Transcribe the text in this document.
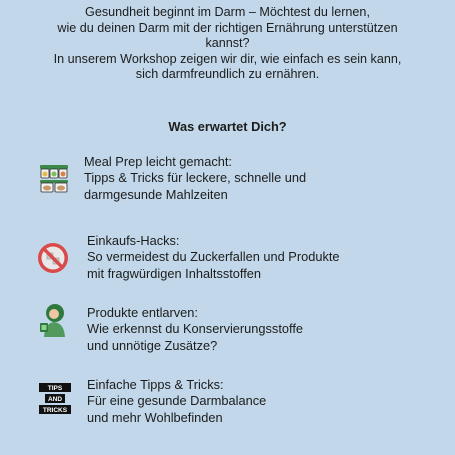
Gesundheit beginnt im Darm – Möchtest du lernen,
wie du deinen Darm mit der richtigen Ernährung unterstützen
kannst?
In unserem Workshop zeigen wir dir, wie einfach es sein kann,
sich darmfreundlich zu ernähren.
Was erwartet Dich?
Meal Prep leicht gemacht:
Tipps & Tricks für leckere, schnelle und
darmgesunde Mahlzeiten
Einkaufs-Hacks:
So vermeidest du Zuckerfallen und Produkte
mit fragwürdigen Inhaltsstoffen
Produkte entlarven:
Wie erkennst du Konservierungsstoffe
und unnötige Zusätze?
TIPS
AND
TRICKS
Einfache Tipps & Tricks:
Für eine gesunde Darmbalance
und mehr Wohlbefinden
